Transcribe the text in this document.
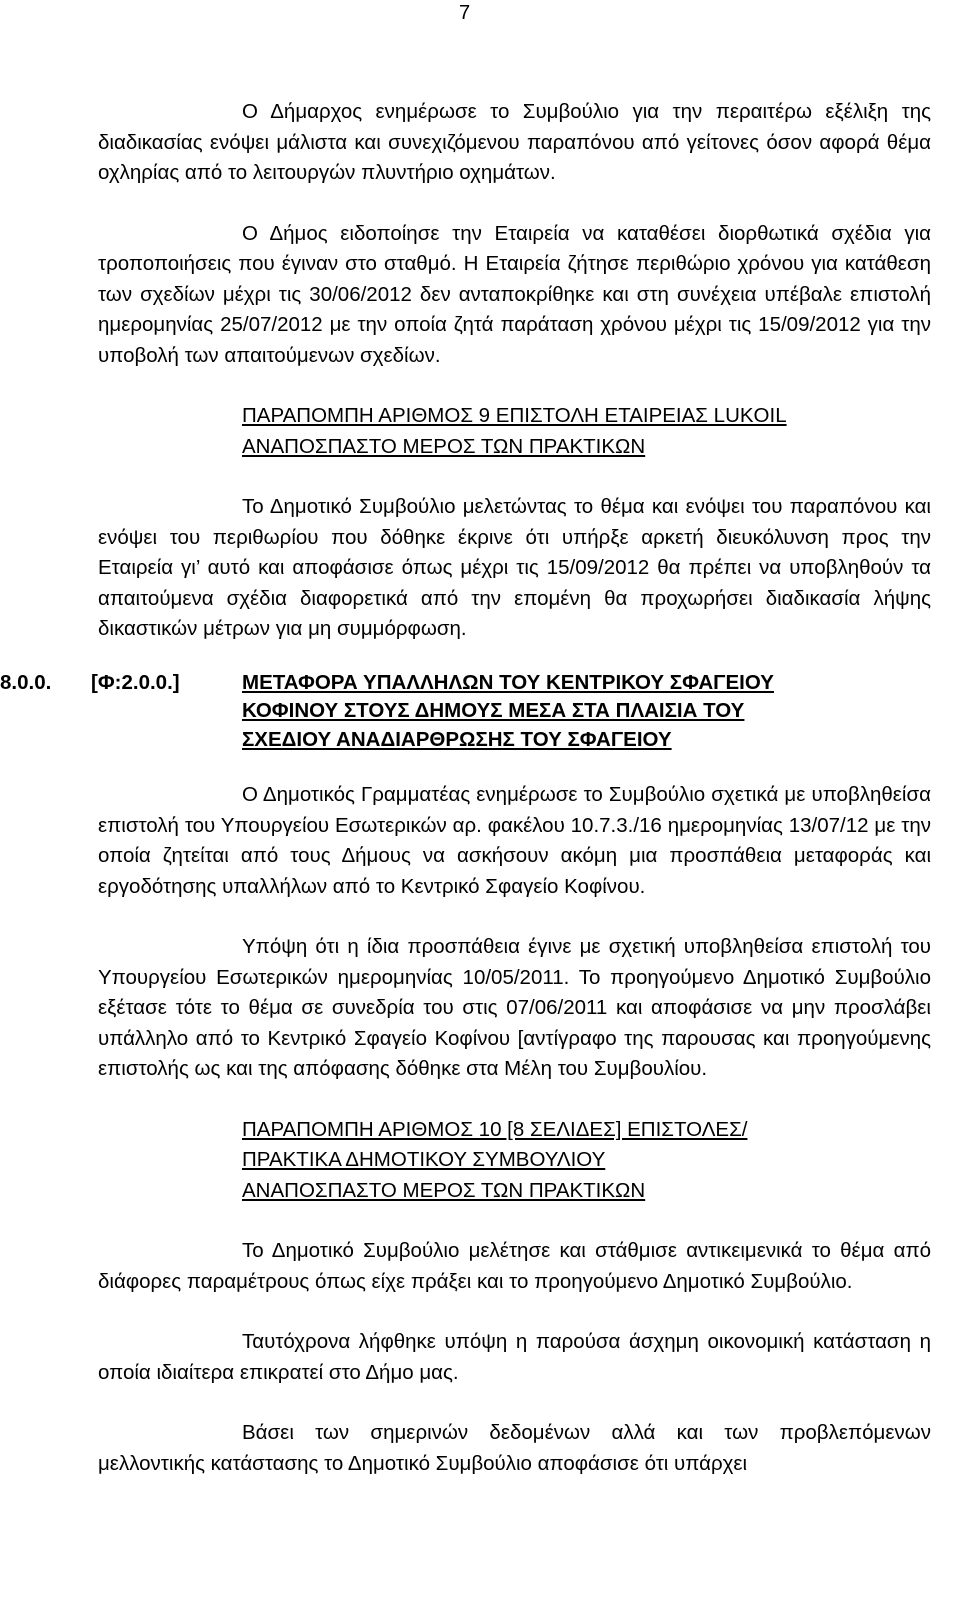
7

Ο Δήμαρχος ενημέρωσε το Συμβούλιο για την περαιτέρω εξέλιξη της διαδικασίας ενόψει μάλιστα και συνεχιζόμενου παραπόνου από γείτονες όσον αφορά θέμα οχληρίας από το λειτουργών πλυντήριο οχημάτων.

Ο Δήμος ειδοποίησε την Εταιρεία να καταθέσει διορθωτικά σχέδια για τροποποιήσεις που έγιναν στο σταθμό. Η Εταιρεία ζήτησε περιθώριο χρόνου για κατάθεση των σχεδίων μέχρι τις 30/06/2012 δεν ανταποκρίθηκε και στη συνέχεια υπέβαλε επιστολή ημερομηνίας 25/07/2012 με την οποία ζητά παράταση χρόνου μέχρι τις 15/09/2012 για την υποβολή των απαιτούμενων σχεδίων.

ΠΑΡΑΠΟΜΠΗ ΑΡΙΘΜΟΣ 9 ΕΠΙΣΤΟΛΗ ΕΤΑΙΡΕΙΑΣ LUKOIL
ΑΝΑΠΟΣΠΑΣΤΟ ΜΕΡΟΣ ΤΩΝ ΠΡΑΚΤΙΚΩΝ

Το Δημοτικό Συμβούλιο μελετώντας το θέμα και ενόψει του παραπόνου και ενόψει του περιθωρίου που δόθηκε έκρινε ότι υπήρξε αρκετή διευκόλυνση προς την Εταιρεία γι’ αυτό και αποφάσισε όπως μέχρι τις 15/09/2012 θα πρέπει να υποβληθούν τα απαιτούμενα σχέδια διαφορετικά από την επομένη θα προχωρήσει διαδικασία λήψης δικαστικών μέτρων για μη συμμόρφωση.

8.0.0.	[Φ:2.0.0.]	ΜΕΤΑΦΟΡΑ ΥΠΑΛΛΗΛΩΝ ΤΟΥ ΚΕΝΤΡΙΚΟΥ ΣΦΑΓΕΙΟΥ
ΚΟΦΙΝΟΥ ΣΤΟΥΣ ΔΗΜΟΥΣ ΜΕΣΑ ΣΤΑ ΠΛΑΙΣΙΑ ΤΟΥ
ΣΧΕΔΙΟΥ ΑΝΑΔΙΑΡΘΡΩΣΗΣ ΤΟΥ ΣΦΑΓΕΙΟΥ

Ο Δημοτικός Γραμματέας ενημέρωσε το Συμβούλιο σχετικά με υποβληθείσα επιστολή του Υπουργείου Εσωτερικών αρ. φακέλου 10.7.3./16 ημερομηνίας 13/07/12 με την οποία ζητείται από τους Δήμους να ασκήσουν ακόμη μια προσπάθεια μεταφοράς και εργοδότησης υπαλλήλων από το Κεντρικό Σφαγείο Κοφίνου.

Υπόψη ότι η ίδια προσπάθεια έγινε με σχετική υποβληθείσα επιστολή του Υπουργείου Εσωτερικών ημερομηνίας 10/05/2011. Το προηγούμενο Δημοτικό Συμβούλιο εξέτασε τότε το θέμα σε συνεδρία του στις 07/06/2011 και αποφάσισε να μην προσλάβει υπάλληλο από το Κεντρικό Σφαγείο Κοφίνου [αντίγραφο της παρουσας και προηγούμενης επιστολής ως και της απόφασης δόθηκε στα Μέλη του Συμβουλίου.

ΠΑΡΑΠΟΜΠΗ ΑΡΙΘΜΟΣ 10 [8 ΣΕΛΙΔΕΣ] ΕΠΙΣΤΟΛΕΣ/
ΠΡΑΚΤΙΚΑ ΔΗΜΟΤΙΚΟΥ ΣΥΜΒΟΥΛΙΟΥ
ΑΝΑΠΟΣΠΑΣΤΟ ΜΕΡΟΣ ΤΩΝ ΠΡΑΚΤΙΚΩΝ

Το Δημοτικό Συμβούλιο μελέτησε και στάθμισε αντικειμενικά το θέμα από διάφορες παραμέτρους όπως είχε πράξει και το προηγούμενο Δημοτικό Συμβούλιο.

Ταυτόχρονα λήφθηκε υπόψη η παρούσα άσχημη οικονομική κατάσταση η οποία ιδιαίτερα επικρατεί στο Δήμο μας.

Βάσει των σημερινών δεδομένων αλλά και των προβλεπόμενων μελλοντικής κατάστασης το Δημοτικό Συμβούλιο αποφάσισε ότι υπάρχει
